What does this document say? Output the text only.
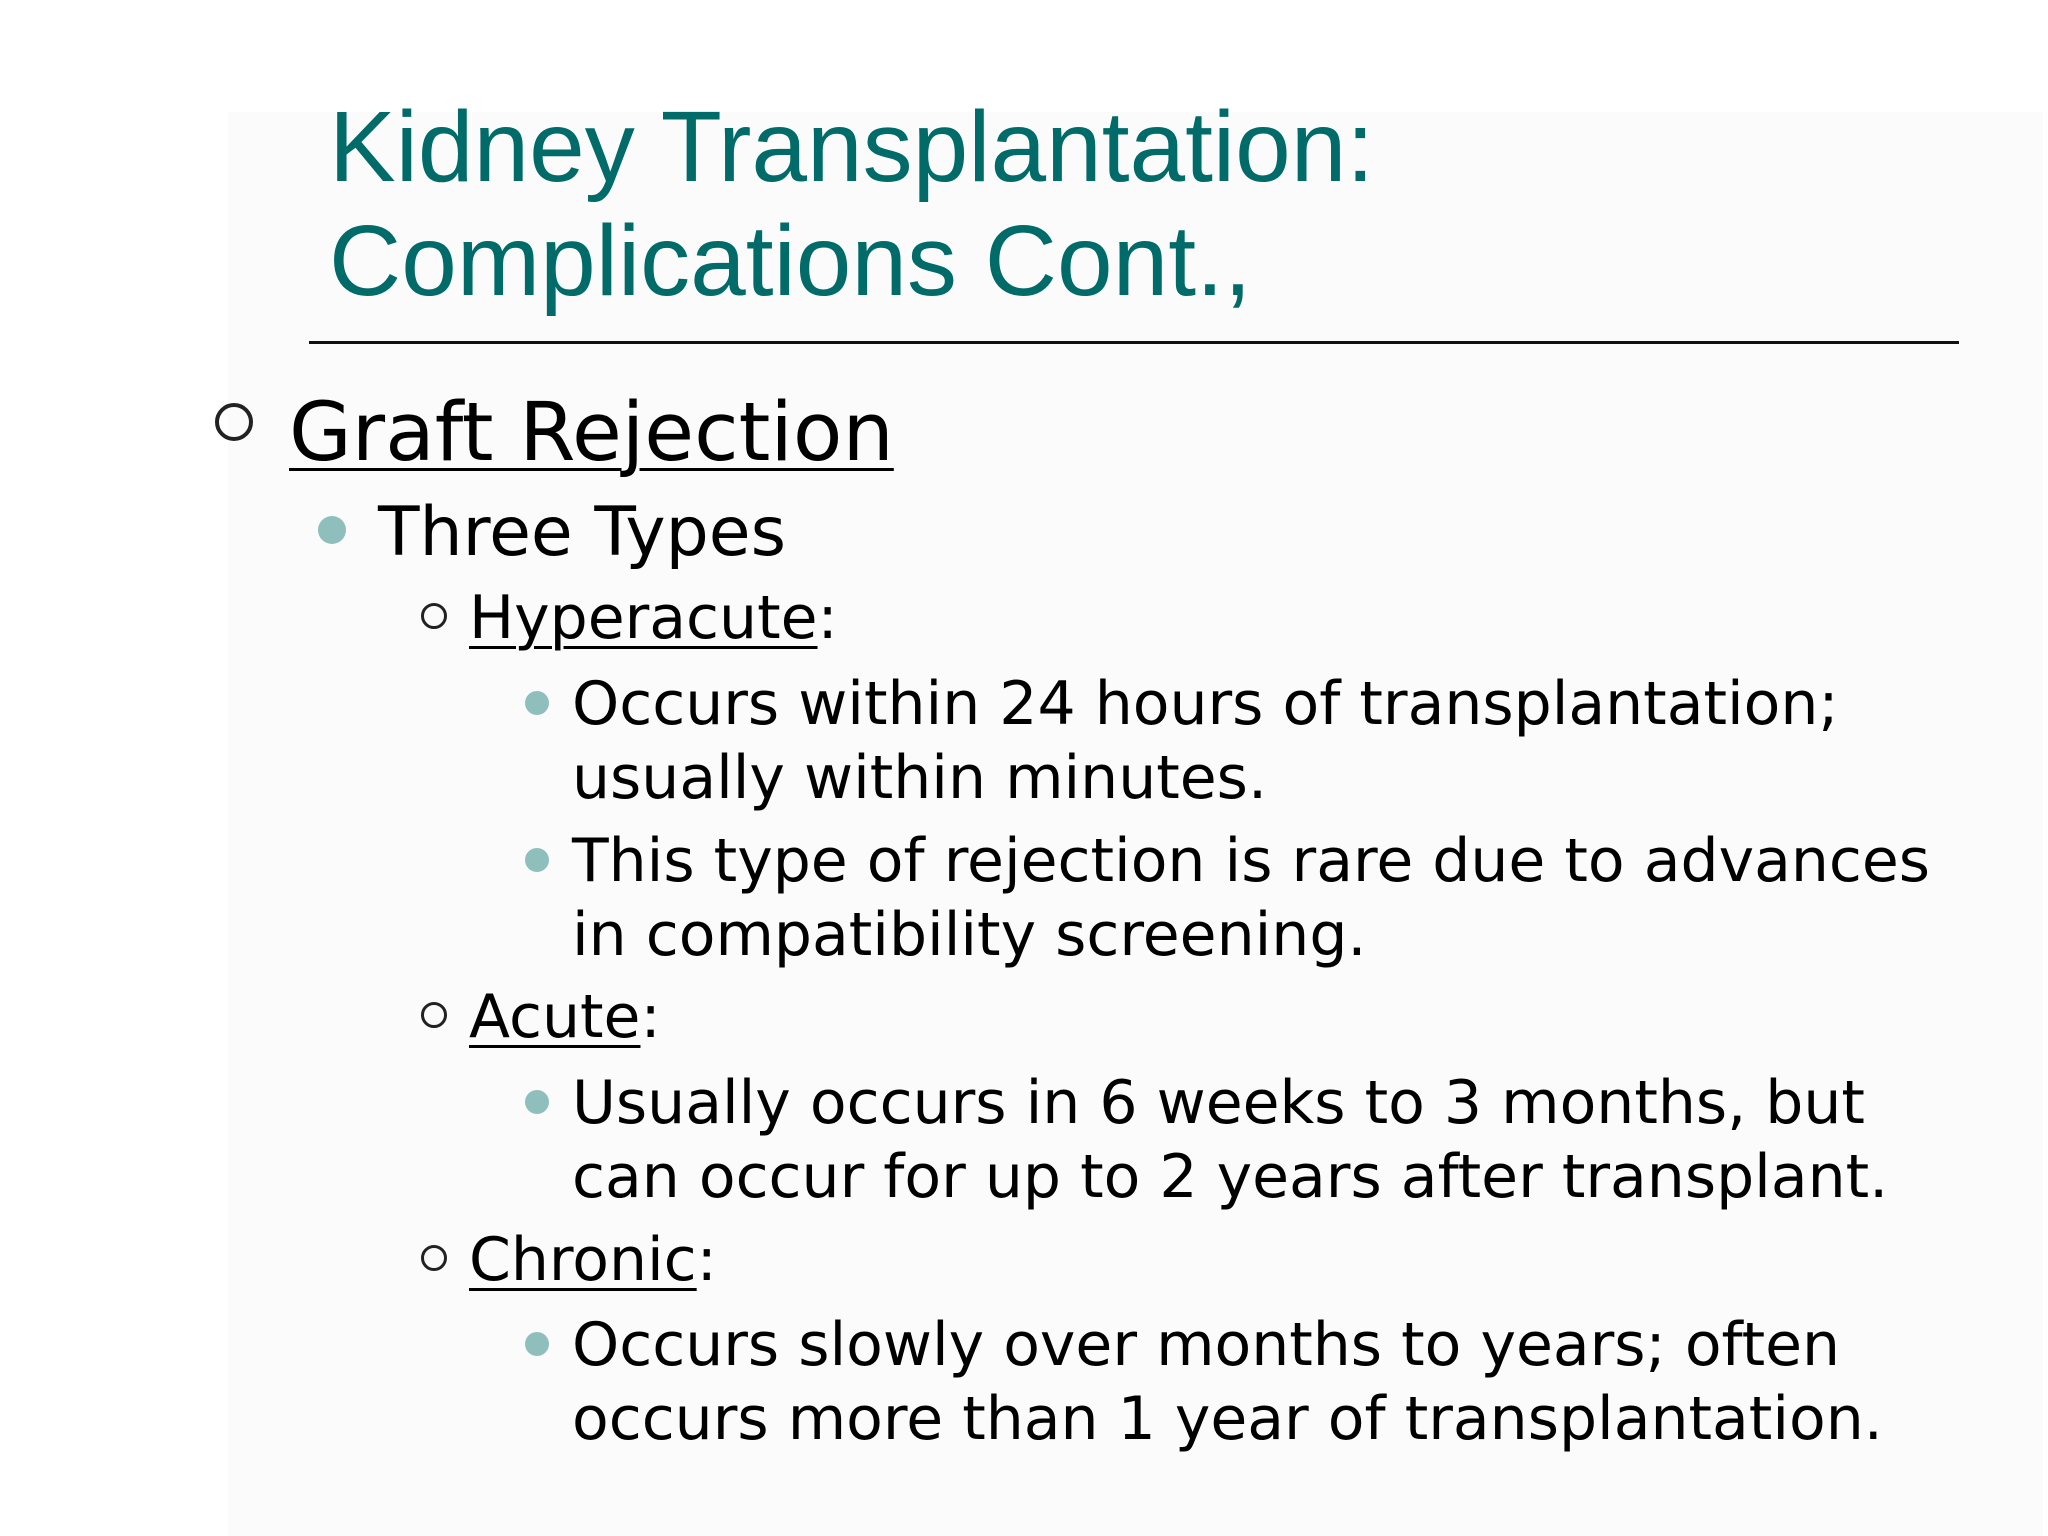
Kidney Transplantation:
Complications Cont.,
Graft Rejection
Three Types
Hyperacute:
Occurs within 24 hours of transplantation;
usually within minutes.
This type of rejection is rare due to advances
in compatibility screening.
Acute:
Usually occurs in 6 weeks to 3 months, but
can occur for up to 2 years after transplant.
Chronic:
Occurs slowly over months to years; often
occurs more than 1 year of transplantation.
